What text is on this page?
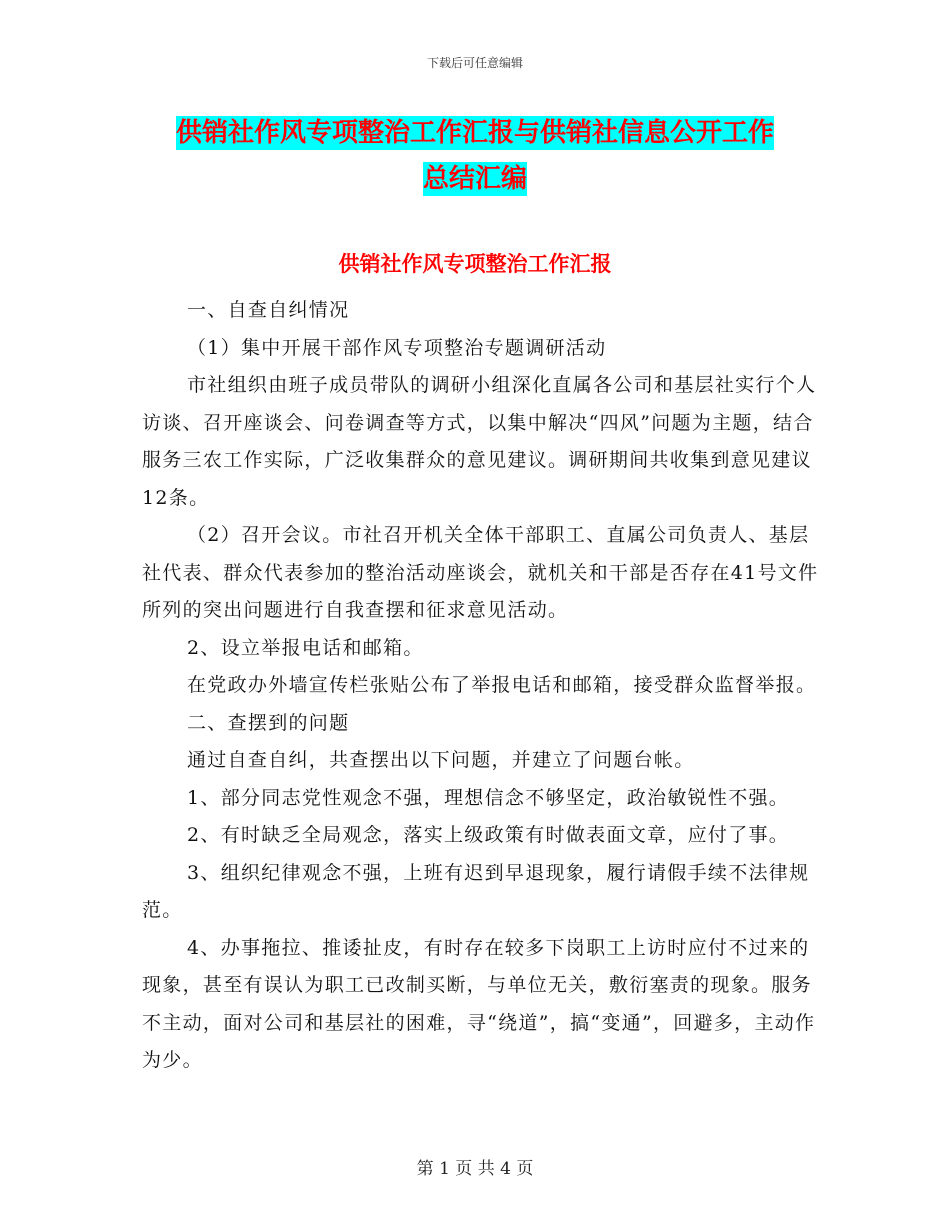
下载后可任意编辑
供销社作风专项整治工作汇报与供销社信息公开工作
总结汇编
供销社作风专项整治工作汇报

一、自查自纠情况

（1）集中开展干部作风专项整治专题调研活动

市社组织由班子成员带队的调研小组深化直属各公司和基层社实行个人访谈、召开座谈会、问卷调查等方式，以集中解决“四风”问题为主题，结合服务三农工作实际，广泛收集群众的意见建议。调研期间共收集到意见建议12条。

（2）召开会议。市社召开机关全体干部职工、直属公司负责人、基层社代表、群众代表参加的整治活动座谈会，就机关和干部是否存在41号文件所列的突出问题进行自我查摆和征求意见活动。

2、设立举报电话和邮箱。

在党政办外墙宣传栏张贴公布了举报电话和邮箱，接受群众监督举报。

二、查摆到的问题

通过自查自纠，共查摆出以下问题，并建立了问题台帐。

1、部分同志党性观念不强，理想信念不够坚定，政治敏锐性不强。

2、有时缺乏全局观念，落实上级政策有时做表面文章，应付了事。

3、组织纪律观念不强，上班有迟到早退现象，履行请假手续不法律规范。

4、办事拖拉、推诿扯皮，有时存在较多下岗职工上访时应付不过来的现象，甚至有误认为职工已改制买断，与单位无关，敷衍塞责的现象。服务不主动，面对公司和基层社的困难，寻“绕道”，搞“变通”，回避多，主动作为少。

第 1 页 共 4 页
